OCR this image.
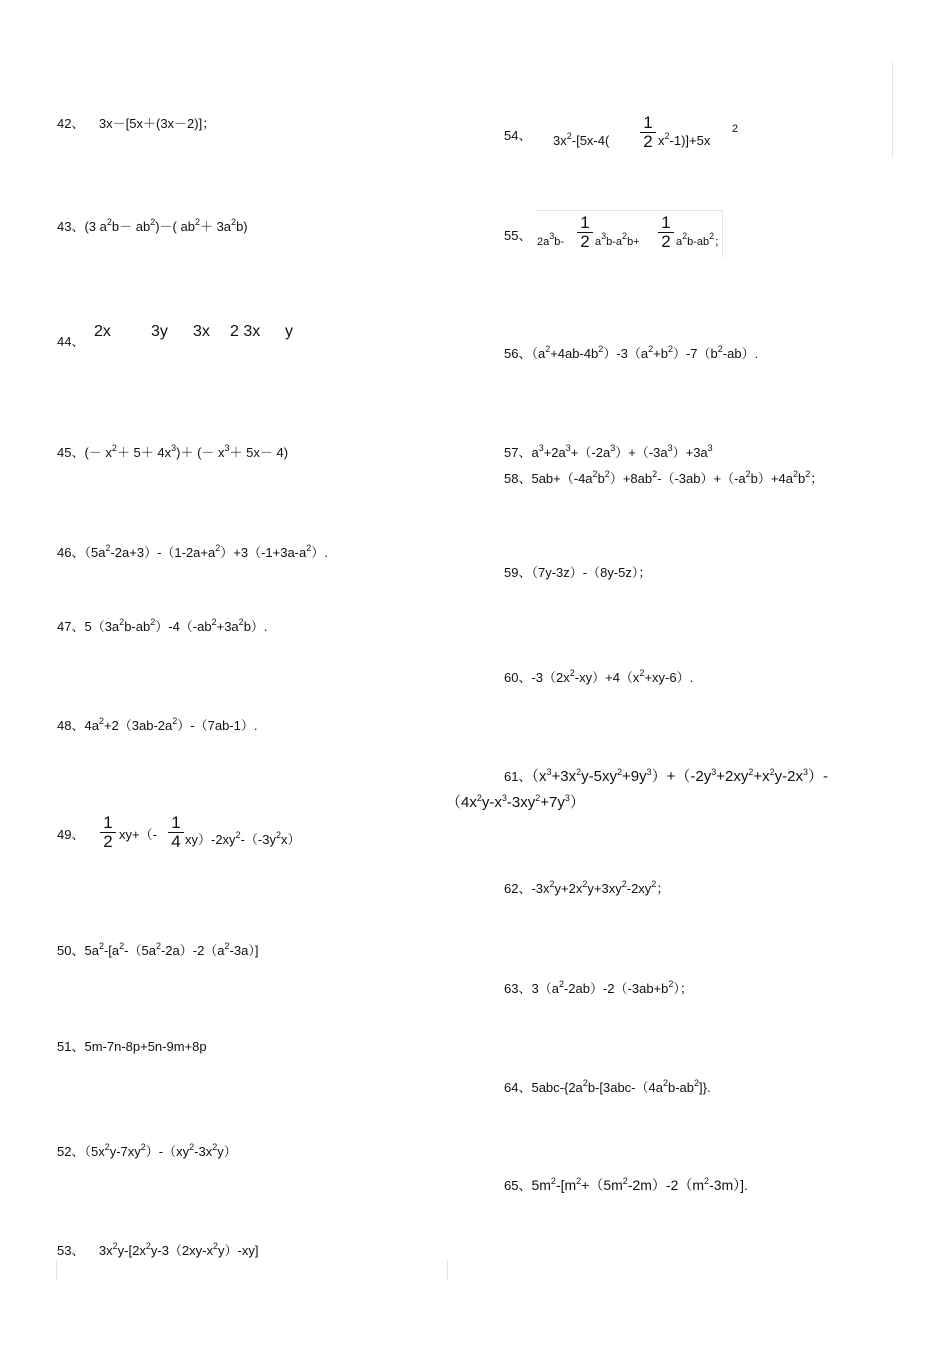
42、 3x－[5x＋(3x－2)]；
43、(3 $a^2b- ab^2)-$( $ab^2+ 3a^2b$)
44、
2x	3y 3x 2 3x y
45、(－ $x^2+ 5+ 4x^3)+$ (－ $x^3+ 5x- 4$)
46、$(5a^2-2a+3)-(1-2a+a^2)+3(-1+3a-a^2)$.
47、$5(3a^2b-ab^2)-4(-ab^2+3a^2b)$.
48、$4a^2+2(3ab-2a^2)-(7ab-1)$.
49、
1
2 xy+（-
1
4 $xy)-2xy^2-(-3y^2x)$
50、$5a^2-[a^2-(5a^2-2a)-2(a^2-3a)]$
51、5m-7n-8p+5n-9m+8p
52、$(5x^2y-7xy^2)-(xy^2-3x^2y)$
53、 $3x^2y-[2x^2y-3(2xy-x^2y)-xy]$
54、 $3x^2-[5x-4$(
1
2 $x^2-1)]+5x$
2
55、 $2a^3b-$
1
2 $a^3b-a^2b+$
1
2 $a^2b-ab^2$；
56、$(a^2+4ab-4b^2)-3(a^2+b^2)-7(b^2-ab)$.
57、$a^3+2a^3+(-2a^3)+(-3a^3)+3a^3$
58、$5ab+(-4a^2b^2)+8ab^2-(-3ab)+(-a^2b)+4a^2b^2$；
59、（7y-3z）-（8y-5z）；
60、$-3(2x^2-xy)+4(x^2+xy-6)$.
61、$(x^3+3x^2y-5xy^2+9y^3)+(-2y^3+2xy^2+x^2y-2x^3)-$
$(4x^2y-x^3-3xy^2+7y^3)$
62、$-3x^2y+2x^2y+3xy^2-2xy^2$；
63、$3(a^2-2ab)-2(-3ab+b^2)$；
64、$5abc-\{2a^2b-[3abc-(4a^2b-ab^2]\}$.
65、$5m^2-[m^2+(5m^2-2m)-2(m^2-3m)]$.
